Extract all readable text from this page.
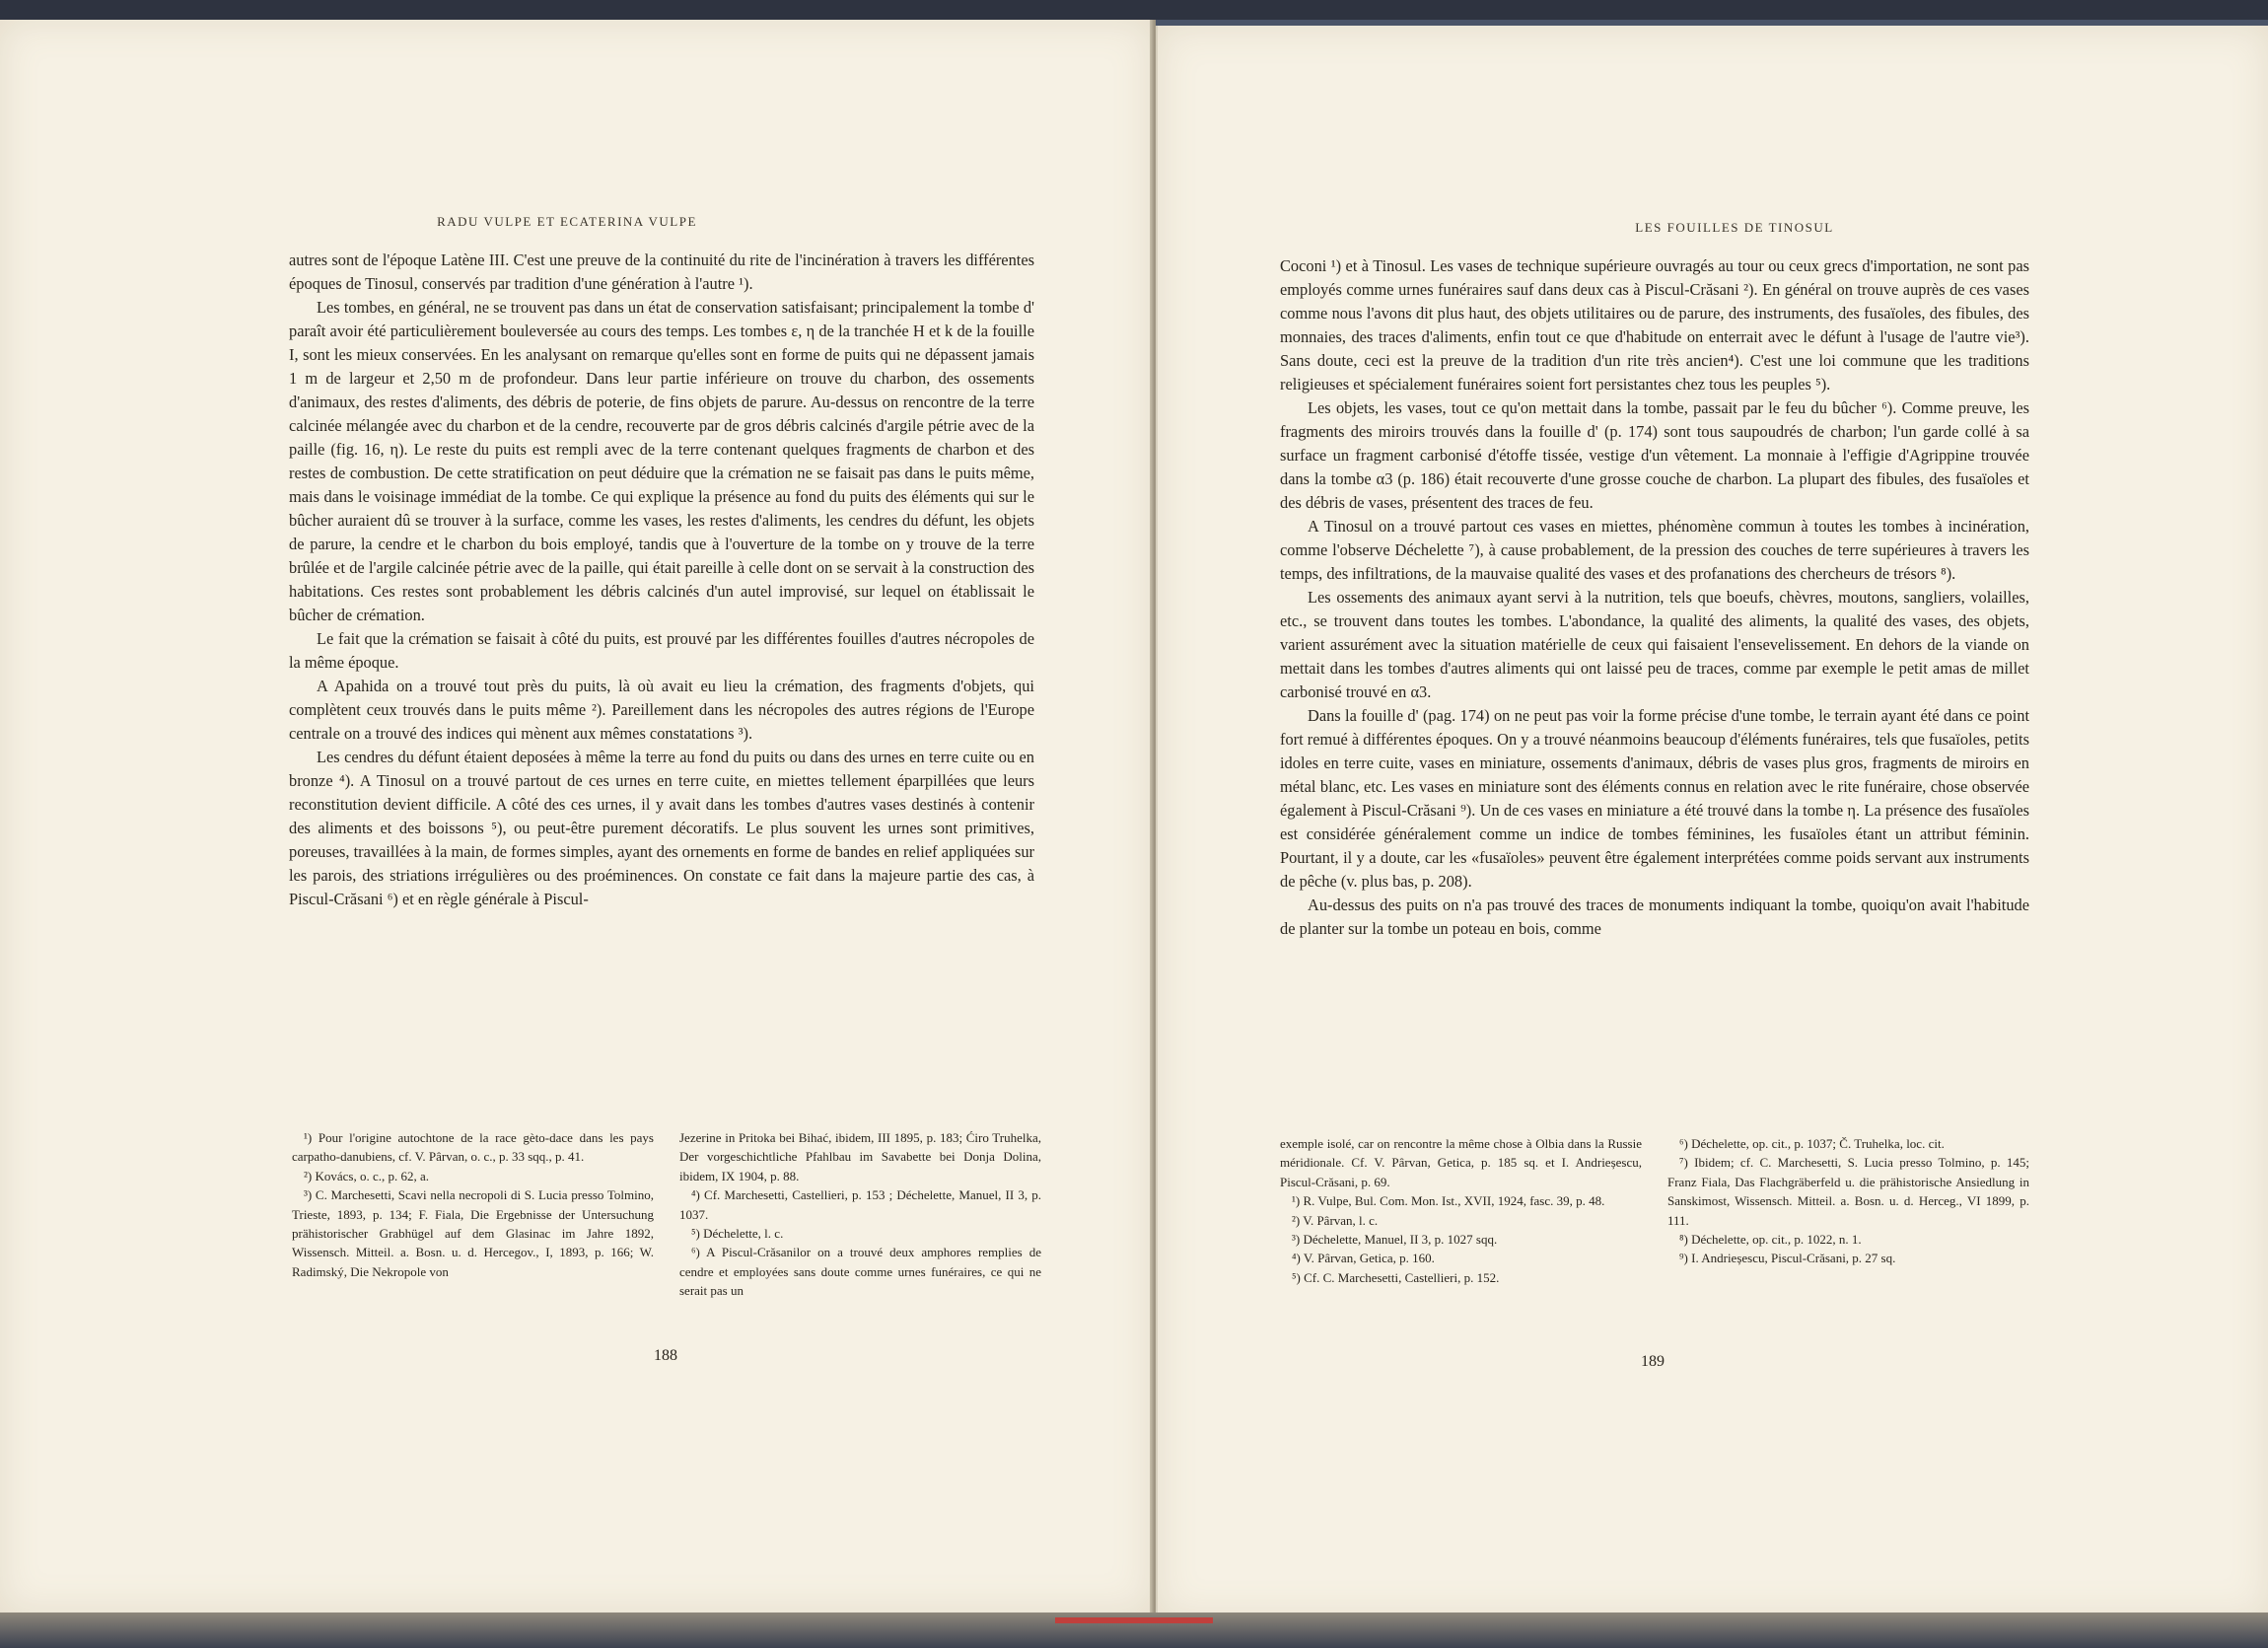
RADU VULPE ET ECATERINA VULPE

autres sont de l'époque Latène III. C'est une preuve de la continuité du rite de l'incinération à travers les différentes époques de Tinosul, conservés par tradition d'une génération à l'autre ¹).

Les tombes, en général, ne se trouvent pas dans un état de conservation satisfaisant; principalement la tombe d' paraît avoir été particulièrement bouleversée au cours des temps. Les tombes ε, η de la tranchée H et k de la fouille I, sont les mieux conservées. En les analysant on remarque qu'elles sont en forme de puits qui ne dépassent jamais 1 m de largeur et 2,50 m de profondeur. Dans leur partie inférieure on trouve du charbon, des ossements d'animaux, des restes d'aliments, des débris de poterie, de fins objets de parure. Au-dessus on rencontre de la terre calcinée mélangée avec du charbon et de la cendre, recouverte par de gros débris calcinés d'argile pétrie avec de la paille (fig. 16, η). Le reste du puits est rempli avec de la terre contenant quelques fragments de charbon et des restes de combustion. De cette stratification on peut déduire que la crémation ne se faisait pas dans le puits même, mais dans le voisinage immédiat de la tombe. Ce qui explique la présence au fond du puits des éléments qui sur le bûcher auraient dû se trouver à la surface, comme les vases, les restes d'aliments, les cendres du défunt, les objets de parure, la cendre et le charbon du bois employé, tandis que à l'ouverture de la tombe on y trouve de la terre brûlée et de l'argile calcinée pétrie avec de la paille, qui était pareille à celle dont on se servait à la construction des habitations. Ces restes sont probablement les débris calcinés d'un autel improvisé, sur lequel on établissait le bûcher de crémation.

Le fait que la crémation se faisait à côté du puits, est prouvé par les différentes fouilles d'autres nécropoles de la même époque.

A Apahida on a trouvé tout près du puits, là où avait eu lieu la crémation, des fragments d'objets, qui complètent ceux trouvés dans le puits même ²). Pareillement dans les nécropoles des autres régions de l'Europe centrale on a trouvé des indices qui mènent aux mêmes constatations ³).

Les cendres du défunt étaient deposées à même la terre au fond du puits ou dans des urnes en terre cuite ou en bronze ⁴). A Tinosul on a trouvé partout de ces urnes en terre cuite, en miettes tellement éparpillées que leurs reconstitution devient difficile. A côté des ces urnes, il y avait dans les tombes d'autres vases destinés à contenir des aliments et des boissons ⁵), ou peut-être purement décoratifs. Le plus souvent les urnes sont primitives, poreuses, travaillées à la main, de formes simples, ayant des ornements en forme de bandes en relief appliquées sur les parois, des striations irrégulières ou des proéminences. On constate ce fait dans la majeure partie des cas, à Piscul-Crăsani ⁶) et en règle générale à Piscul-

¹) Pour l'origine autochtone de la race gèto-dace dans les pays carpatho-danubiens, cf. V. Pârvan, o. c., p. 33 sqq., p. 41.
²) Kovács, o. c., p. 62, a.
³) C. Marchesetti, Scavi nella necropoli di S. Lucia presso Tolmino, Trieste, 1893, p. 134; F. Fiala, Die Ergebnisse der Untersuchung prähistorischer Grabhügel auf dem Glasinac im Jahre 1892, Wissensch. Mitteil. a. Bosn. u. d. Hercegov., I, 1893, p. 166; W. Radimský, Die Nekropole von
Jezerine in Pritoka bei Bihać, ibidem, III 1895, p. 183; Ćiro Truhelka, Der vorgeschichtliche Pfahlbau im Savabette bei Donja Dolina, ibidem, IX 1904, p. 88.
⁴) Cf. Marchesetti, Castellieri, p. 153 ; Déchelette, Manuel, II 3, p. 1037.
⁵) Déchelette, l. c.
⁶) A Piscul-Crăsanilor on a trouvé deux amphores remplies de cendre et employées sans doute comme urnes funéraires, ce qui ne serait pas un
188
LES FOUILLES DE TINOSUL

Coconi ¹) et à Tinosul. Les vases de technique supérieure ouvragés au tour ou ceux grecs d'importation, ne sont pas employés comme urnes funéraires sauf dans deux cas à Piscul-Crăsani ²). En général on trouve auprès de ces vases comme nous l'avons dit plus haut, des objets utilitaires ou de parure, des instruments, des fusaïoles, des fibules, des monnaies, des traces d'aliments, enfin tout ce que d'habitude on enterrait avec le défunt à l'usage de l'autre vie³). Sans doute, ceci est la preuve de la tradition d'un rite très ancien⁴). C'est une loi commune que les traditions religieuses et spécialement funéraires soient fort persistantes chez tous les peuples ⁵).

Les objets, les vases, tout ce qu'on mettait dans la tombe, passait par le feu du bûcher ⁶). Comme preuve, les fragments des miroirs trouvés dans la fouille d' (p. 174) sont tous saupoudrés de charbon; l'un garde collé à sa surface un fragment carbonisé d'étoffe tissée, vestige d'un vêtement. La monnaie à l'effigie d'Agrippine trouvée dans la tombe α3 (p. 186) était recouverte d'une grosse couche de charbon. La plupart des fibules, des fusaïoles et des débris de vases, présentent des traces de feu.

A Tinosul on a trouvé partout ces vases en miettes, phénomène commun à toutes les tombes à incinération, comme l'observe Déchelette ⁷), à cause probablement, de la pression des couches de terre supérieures à travers les temps, des infiltrations, de la mauvaise qualité des vases et des profanations des chercheurs de trésors ⁸).

Les ossements des animaux ayant servi à la nutrition, tels que boeufs, chèvres, moutons, sangliers, volailles, etc., se trouvent dans toutes les tombes. L'abondance, la qualité des aliments, la qualité des vases, des objets, varient assurément avec la situation matérielle de ceux qui faisaient l'ensevelissement. En dehors de la viande on mettait dans les tombes d'autres aliments qui ont laissé peu de traces, comme par exemple le petit amas de millet carbonisé trouvé en α3.

Dans la fouille d' (pag. 174) on ne peut pas voir la forme précise d'une tombe, le terrain ayant été dans ce point fort remué à différentes époques. On y a trouvé néanmoins beaucoup d'éléments funéraires, tels que fusaïoles, petits idoles en terre cuite, vases en miniature, ossements d'animaux, débris de vases plus gros, fragments de miroirs en métal blanc, etc. Les vases en miniature sont des éléments connus en relation avec le rite funéraire, chose observée également à Piscul-Crăsani ⁹). Un de ces vases en miniature a été trouvé dans la tombe η. La présence des fusaïoles est considérée généralement comme un indice de tombes féminines, les fusaïoles étant un attribut féminin. Pourtant, il y a doute, car les «fusaïoles» peuvent être également interprétées comme poids servant aux instruments de pêche (v. plus bas, p. 208).

Au-dessus des puits on n'a pas trouvé des traces de monuments indiquant la tombe, quoiqu'on avait l'habitude de planter sur la tombe un poteau en bois, comme

exemple isolé, car on rencontre la même chose à Olbia dans la Russie méridionale. Cf. V. Pârvan, Getica, p. 185 sq. et I. Andrieșescu, Piscul-Crăsani, p. 69.
¹) R. Vulpe, Bul. Com. Mon. Ist., XVII, 1924, fasc. 39, p. 48.
²) V. Pârvan, l. c.
³) Déchelette, Manuel, II 3, p. 1027 sqq.
⁴) V. Pârvan, Getica, p. 160.
⁵) Cf. C. Marchesetti, Castellieri, p. 152.
⁶) Déchelette, op. cit., p. 1037; Č. Truhelka, loc. cit.
⁷) Ibidem; cf. C. Marchesetti, S. Lucia presso Tolmino, p. 145; Franz Fiala, Das Flachgräberfeld u. die prähistorische Ansiedlung in Sanskimost, Wissensch. Mitteil. a. Bosn. u. d. Herceg., VI 1899, p. 111.
⁸) Déchelette, op. cit., p. 1022, n. 1.
⁹) I. Andrieșescu, Piscul-Crăsani, p. 27 sq.
189
